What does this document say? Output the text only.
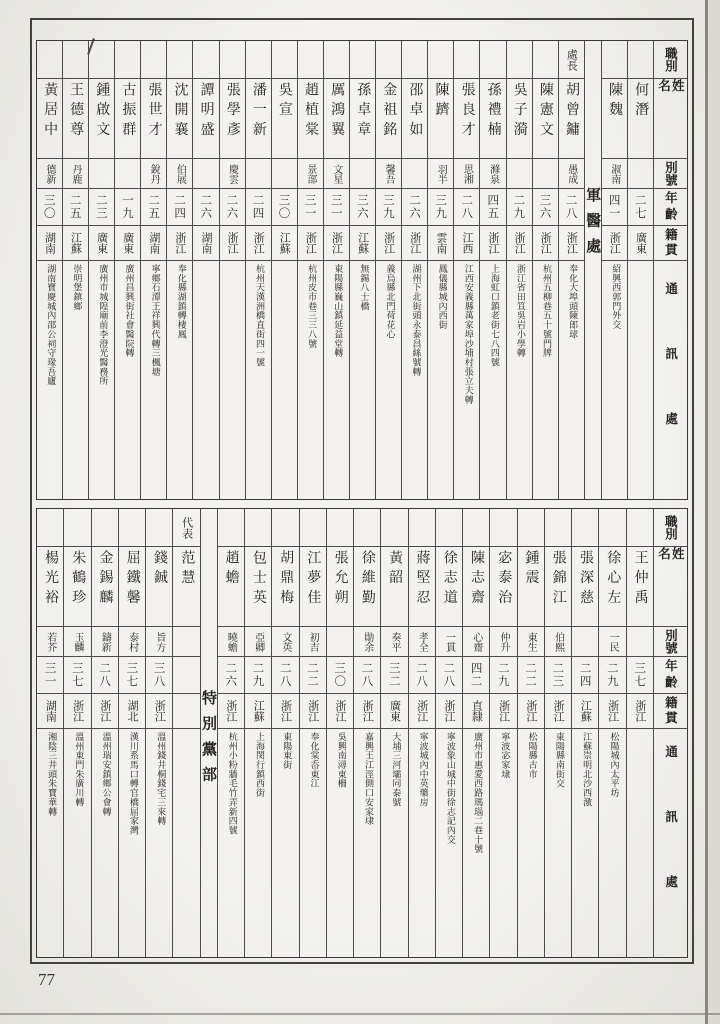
職別
姓名
別號
年齡
籍貫
通訊處
何潛
二七
廣東
陳魏
淑南
四一
浙江
紹興西郭門外交
軍醫處
處長
胡曾鏞
愚成
二八
浙江
奉化大埠頭陳郎球
陳憲文
三六
浙江
杭州五柳巷五十號門牌
吳子漪
二九
浙江
浙江省田笪吳岩小學轉
孫禮楠
滌泉
四五
浙江
上海虹口鎮老街七八四號
張良才
思湘
二八
江西
江西安義縣萬家埠沙埔村張立夫轉
陳躋
羽半
三九
雲南
鳳儀縣城內西街
邵卓如
二六
浙江
湖州下北街頭永泰昌絲號轉
金祖銘
馨吾
三九
浙江
義烏縣北門荷花心
孫卓章
三六
江蘇
無錫八士橋
厲鴻翼
文星
三一
浙江
東陽縣巍山鎮延益堂轉
趙植棠
景部
三一
浙江
杭州皮市巷三三八號
吳宣
三〇
江蘇
潘一新
二四
浙江
杭州天漢洲橋直街四一號
張學彥
慶雲
二六
浙江
譚明盛
二六
湖南
沈開襄
伯展
二四
浙江
奉化縣湖鎮轉棲鳳
張世才
銳丹
二五
湖南
寧鄉石潭王祥興代轉三楓塘
古振群
一九
廣東
廣州昌興街社會醫院轉
鍾啟文
二三
廣東
廣州市城隍廟前李澄光醫務所
王德尊
丹鹿
二五
江蘇
崇明堡鎮鄉
黃居中
德新
三〇
湖南
湖南寶慶城內邵公祠守瑑吾廬
職別
姓名
別號
年齡
籍貫
通訊處
王仲禹
三七
浙江
徐心左
一民
二九
浙江
松陽城內太平坊
張深慈
二四
江蘇
江蘇崇明北沙西激
張錦江
伯熙
二三
浙江
東陽縣南街交
鍾震
東生
二二
浙江
松陽縣古市
宓泰治
仲升
二九
浙江
寧波宓家埭
陳志齋
心齋
四二
直隸
廣州市惠愛西路瑪瑙二巷十號
徐志道
一貫
二八
浙江
寧波象山城中街徐志記內交
蔣堅忍
孝全
二八
浙江
寧波城內中英藥房
黃韶
奏平
三二
廣東
大埔三河壩同泰號
徐維勤
勛余
二八
浙江
嘉興王江涇側口安家埭
張允朔
三〇
浙江
吳興南潯東柵
江夢佳
初吉
二二
浙江
奉化棠岙東江
胡鼎梅
文英
二八
浙江
東陽東街
包士英
亞卿
二九
江蘇
上海閔行鎮西街
趙蟾
曉蟾
二六
浙江
杭州小粉牆毛竹弄新四號
特別黨部
代表
范慧
錢鋮
旨方
三八
浙江
溫州錢井桐錢宅三來轉
屈鐵馨
泰村
三七
湖北
漢川系馬口轉官橋屈家灣
金錫麟
鑄新
二八
浙江
溫州瑞安鎮鄉公會轉
朱鶴珍
玉麟
三七
浙江
溫州東門朱廣川轉
楊光裕
若芥
三一
湖南
湘陰三井頭朱寶華轉
77
